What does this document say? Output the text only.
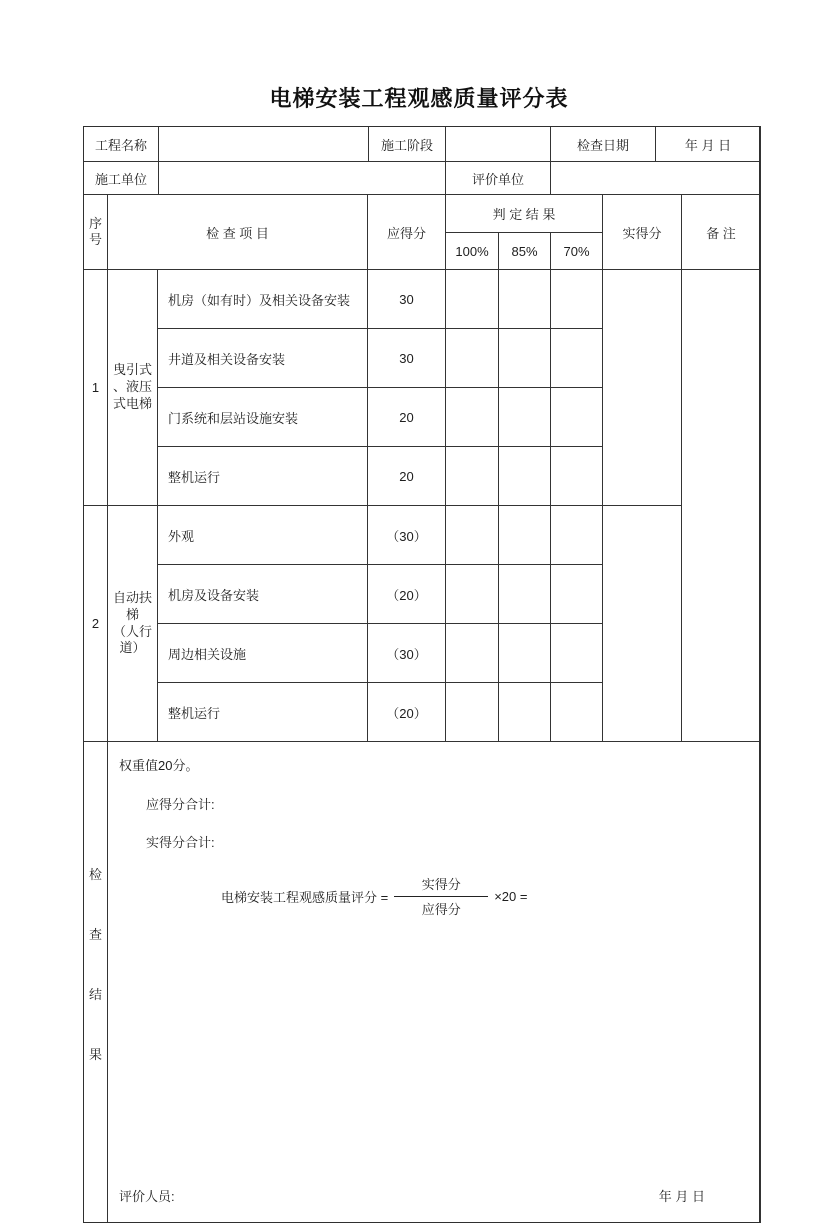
电梯安装工程观感质量评分表
工程名称		施工阶段		检查日期	年 月 日
施工单位			评价单位		
序
号	检 查 项 目		应得分	判 定 结 果			实得分	备 注
				100%	85%	70%		
1	曳引式
、液压
式电梯	机房（如有时）及相关设备安装	30					
		井道及相关设备安装	30					
		门系统和层站设施安装	20					
		整机运行	20					
2	自动扶
梯
（人行
道）	外观	（30）					
		机房及设备安装	（20）					
		周边相关设施	（30）					
		整机运行	（20）					
检
查
结
果	
权重值20分。
应得分合计:
实得分合计:
电梯安装工程观感质量评分 = $\frac{\text{实得分}}{\text{应得分}} \times 20$ =
评价人员:	年 月 日
